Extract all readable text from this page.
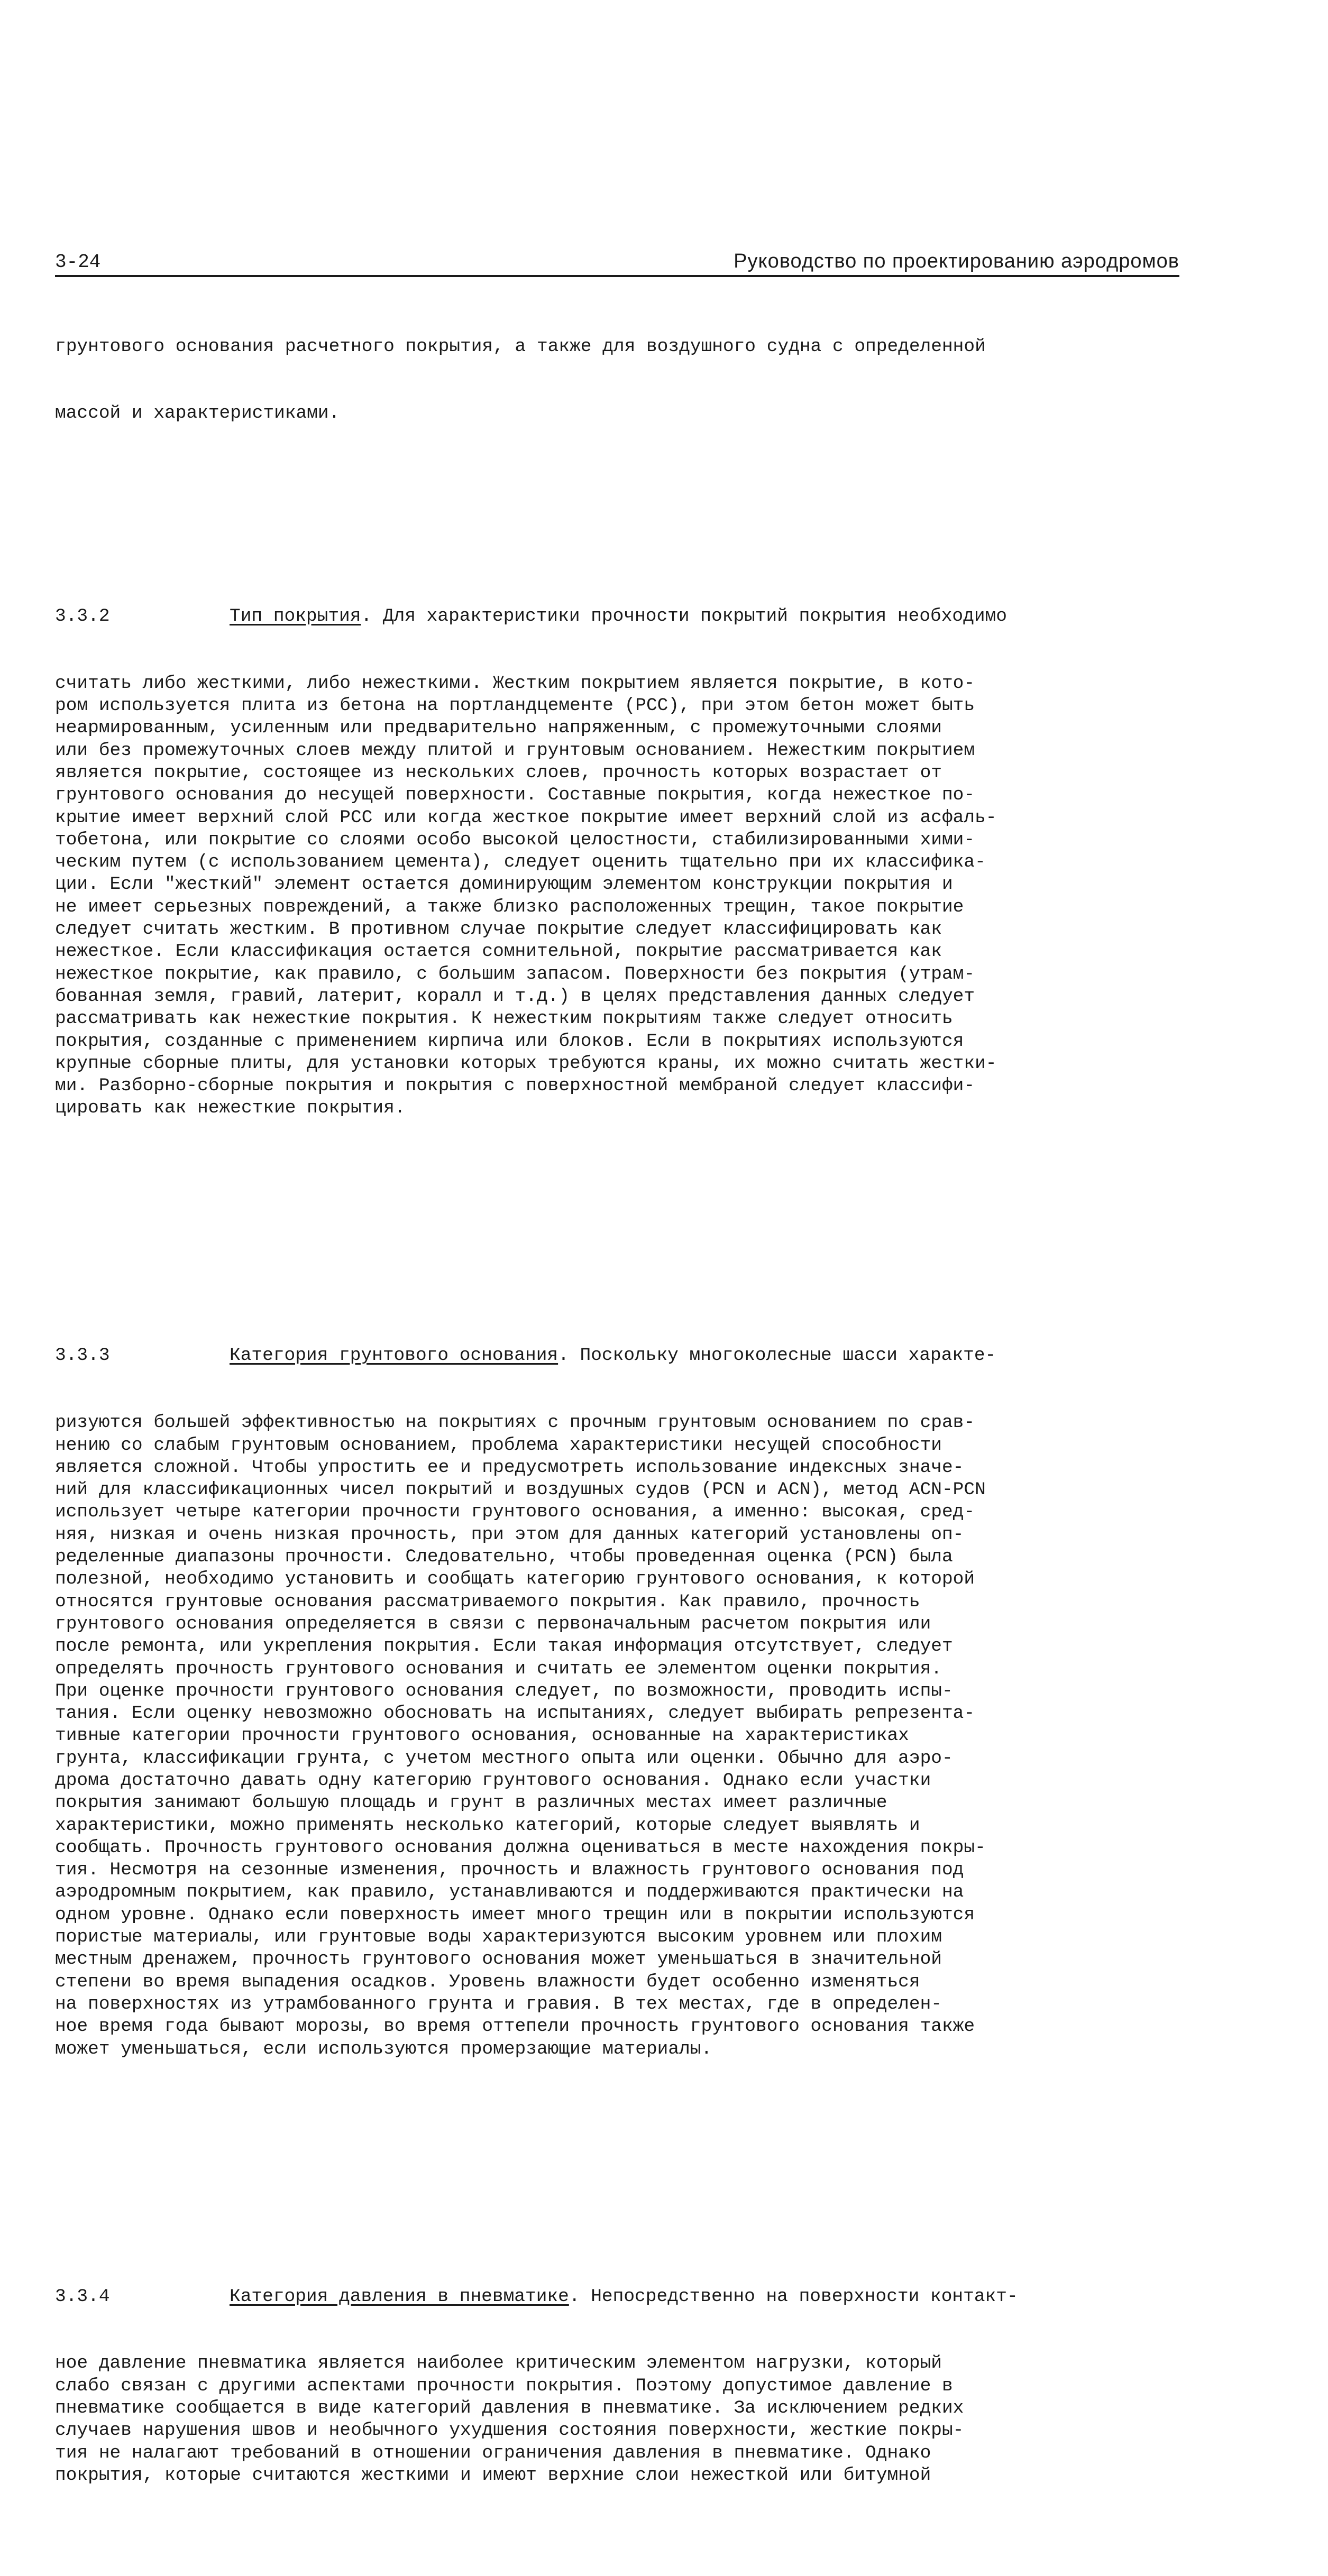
3-24	Руководство по проектированию аэродромов

грунтового основания расчетного покрытия, а также для воздушного судна с определенной

массой и характеристиками.

3.3.2	Тип покрытия. Для характеристики прочности покрытий покрытия необходимо

считать либо жесткими, либо нежесткими. Жестким покрытием является покрытие, в кото-
ром используется плита из бетона на портландцементе (PCC), при этом бетон может быть
неармированным, усиленным или предварительно напряженным, с промежуточными слоями
или без промежуточных слоев между плитой и грунтовым основанием. Нежестким покрытием
является покрытие, состоящее из нескольких слоев, прочность которых возрастает от
грунтового основания до несущей поверхности. Составные покрытия, когда нежесткое по-
крытие имеет верхний слой PCC или когда жесткое покрытие имеет верхний слой из асфаль-
тобетона, или покрытие со слоями особо высокой целостности, стабилизированными хими-
ческим путем (с использованием цемента), следует оценить тщательно при их классифика-
ции. Если "жесткий" элемент остается доминирующим элементом конструкции покрытия и
не имеет серьезных повреждений, а также близко расположенных трещин, такое покрытие
следует считать жестким. В противном случае покрытие следует классифицировать как
нежесткое. Если классификация остается сомнительной, покрытие рассматривается как
нежесткое покрытие, как правило, с большим запасом. Поверхности без покрытия (утрам-
бованная земля, гравий, латерит, коралл и т.д.) в целях представления данных следует
рассматривать как нежесткие покрытия. К нежестким покрытиям также следует относить
покрытия, созданные с применением кирпича или блоков. Если в покрытиях используются
крупные сборные плиты, для установки которых требуются краны, их можно считать жестки-
ми. Разборно-сборные покрытия и покрытия с поверхностной мембраной следует классифи-
цировать как нежесткие покрытия.

3.3.3	Категория грунтового основания. Поскольку многоколесные шасси характе-

ризуются большей эффективностью на покрытиях с прочным грунтовым основанием по срав-
нению со слабым грунтовым основанием, проблема характеристики несущей способности
является сложной. Чтобы упростить ее и предусмотреть использование индексных значе-
ний для классификационных чисел покрытий и воздушных судов (PCN и ACN), метод ACN-PCN
использует четыре категории прочности грунтового основания, а именно: высокая, сред-
няя, низкая и очень низкая прочность, при этом для данных категорий установлены оп-
ределенные диапазоны прочности. Следовательно, чтобы проведенная оценка (PCN) была
полезной, необходимо установить и сообщать категорию грунтового основания, к которой
относятся грунтовые основания рассматриваемого покрытия. Как правило, прочность
грунтового основания определяется в связи с первоначальным расчетом покрытия или
после ремонта, или укрепления покрытия. Если такая информация отсутствует, следует
определять прочность грунтового основания и считать ее элементом оценки покрытия.
При оценке прочности грунтового основания следует, по возможности, проводить испы-
тания. Если оценку невозможно обосновать на испытаниях, следует выбирать репрезента-
тивные категории прочности грунтового основания, основанные на характеристиках
грунта, классификации грунта, с учетом местного опыта или оценки. Обычно для аэро-
дрома достаточно давать одну категорию грунтового основания. Однако если участки
покрытия занимают большую площадь и грунт в различных местах имеет различные
характеристики, можно применять несколько категорий, которые следует выявлять и
сообщать. Прочность грунтового основания должна оцениваться в месте нахождения покры-
тия. Несмотря на сезонные изменения, прочность и влажность грунтового основания под
аэродромным покрытием, как правило, устанавливаются и поддерживаются практически на
одном уровне. Однако если поверхность имеет много трещин или в покрытии используются
пористые материалы, или грунтовые воды характеризуются высоким уровнем или плохим
местным дренажем, прочность грунтового основания может уменьшаться в значительной
степени во время выпадения осадков. Уровень влажности будет особенно изменяться
на поверхностях из утрамбованного грунта и гравия. В тех местах, где в определен-
ное время года бывают морозы, во время оттепели прочность грунтового основания также
может уменьшаться, если используются промерзающие материалы.

3.3.4	Категория давления в пневматике. Непосредственно на поверхности контакт-

ное давление пневматика является наиболее критическим элементом нагрузки, который
слабо связан с другими аспектами прочности покрытия. Поэтому допустимое давление в
пневматике сообщается в виде категорий давления в пневматике. За исключением редких
случаев нарушения швов и необычного ухудшения состояния поверхности, жесткие покры-
тия не налагают требований в отношении ограничения давления в пневматике. Однако
покрытия, которые считаются жесткими и имеют верхние слои нежесткой или битумной
